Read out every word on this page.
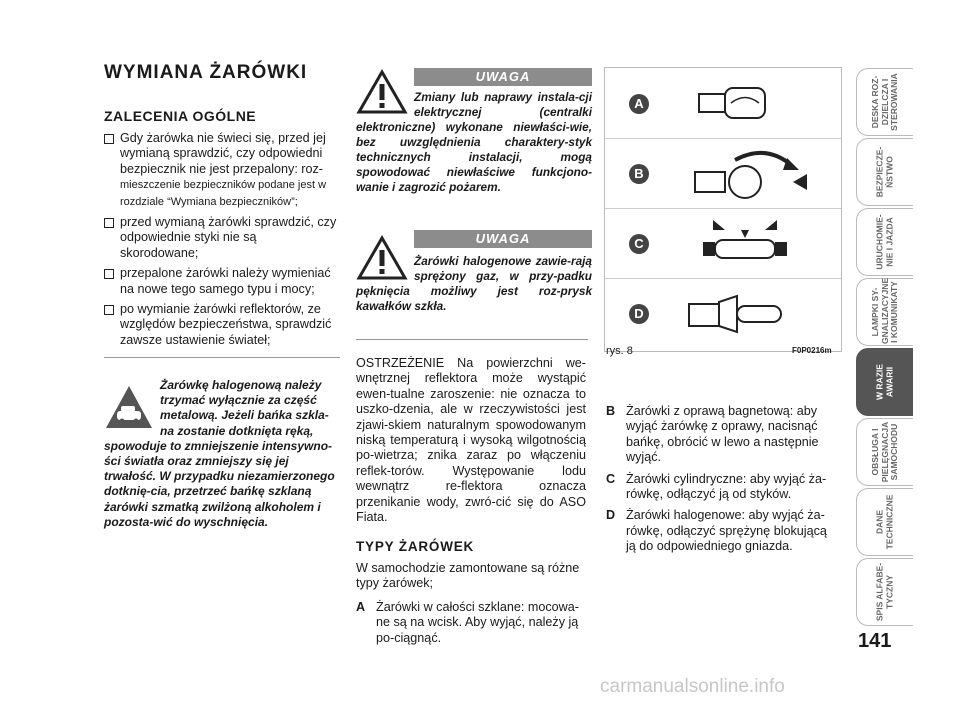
WYMIANA ŻARÓWKI
ZALECENIA OGÓLNE
Gdy żarówka nie świeci się, przed jej wymianą sprawdzić, czy odpowiedni bezpiecznik nie jest przepalony: roz- mieszczenie bezpieczników podane jest w rozdziale “Wymiana bezpieczników”;
przed wymianą żarówki sprawdzić, czy odpowiednie styki nie są skorodowane;
przepalone żarówki należy wymieniać na nowe tego samego typu i mocy;
po wymianie żarówki reflektorów, ze względów bezpieczeństwa, sprawdzić zawsze ustawienie świateł;
Żarówkę halogenową należy trzymać wyłącznie za część metalową. Jeżeli bańka szkla-na zostanie dotknięta ręką, spowoduje to zmniejszenie intensywno-ści światła oraz zmniejszy się jej trwałość. W przypadku niezamierzonego dotknię-cia, przetrzeć bańkę szklaną żarówki szmatką zwilżoną alkoholem i pozosta-wić do wyschnięcia.
UWAGA
Zmiany lub naprawy instala-cji elektrycznej (centralki elektroniczne) wykonane niewłaści-wie, bez uwzględnienia charaktery-styk technicznych instalacji, mogą spowodować niewłaściwe funkcjono-wanie i zagrozić pożarem.
UWAGA
Żarówki halogenowe zawie-rają sprężony gaz, w przy-padku pęknięcia możliwy jest roz-prysk kawałków szkła.

OSTRZEŻENIE Na powierzchni we-wnętrznej reflektora może wystąpić ewen-tualne zaroszenie: nie oznacza to uszko-dzenia, ale w rzeczywistości jest zjawi-skiem naturalnym spowodowanym niską temperaturą i wysoką wilgotnością po-wietrza; znika zaraz po włączeniu reflek-torów. Występowanie lodu wewnątrz re-flektora oznacza przenikanie wody, zwró-cić się do ASO Fiata.

TYPY ŻARÓWEK

W samochodzie zamontowane są różne typy żarówek;

A Żarówki w całości szklane: mocowa-ne są na wcisk. Aby wyjąć, należy ją po-ciągnąć.
A
B
C
D
rys. 8	F0P0216m
B Żarówki z oprawą bagnetową: aby wyjąć żarówkę z oprawy, nacisnąć bańkę, obrócić w lewo a następnie wyjąć.
C Żarówki cylindryczne: aby wyjąć ża-rówkę, odłączyć ją od styków.
D Żarówki halogenowe: aby wyjąć ża-rówkę, odłączyć sprężynę blokującą ją do odpowiedniego gniazda.
DESKA ROZ-DZIELCZA I STEROWANIA
BEZPIECZE-ŃSTWO
URUCHOMIE-NIE I JAZDA
LAMPKI SY-GNALIZACYJNE I KOMUNIKATY
W RAZIE AWARII
OBSŁUGA I PIELĘGNACJA SAMOCHODU
DANE TECHNICZNE
SPIS ALFABE-TYCZNY
141
carmanualsonline.info
